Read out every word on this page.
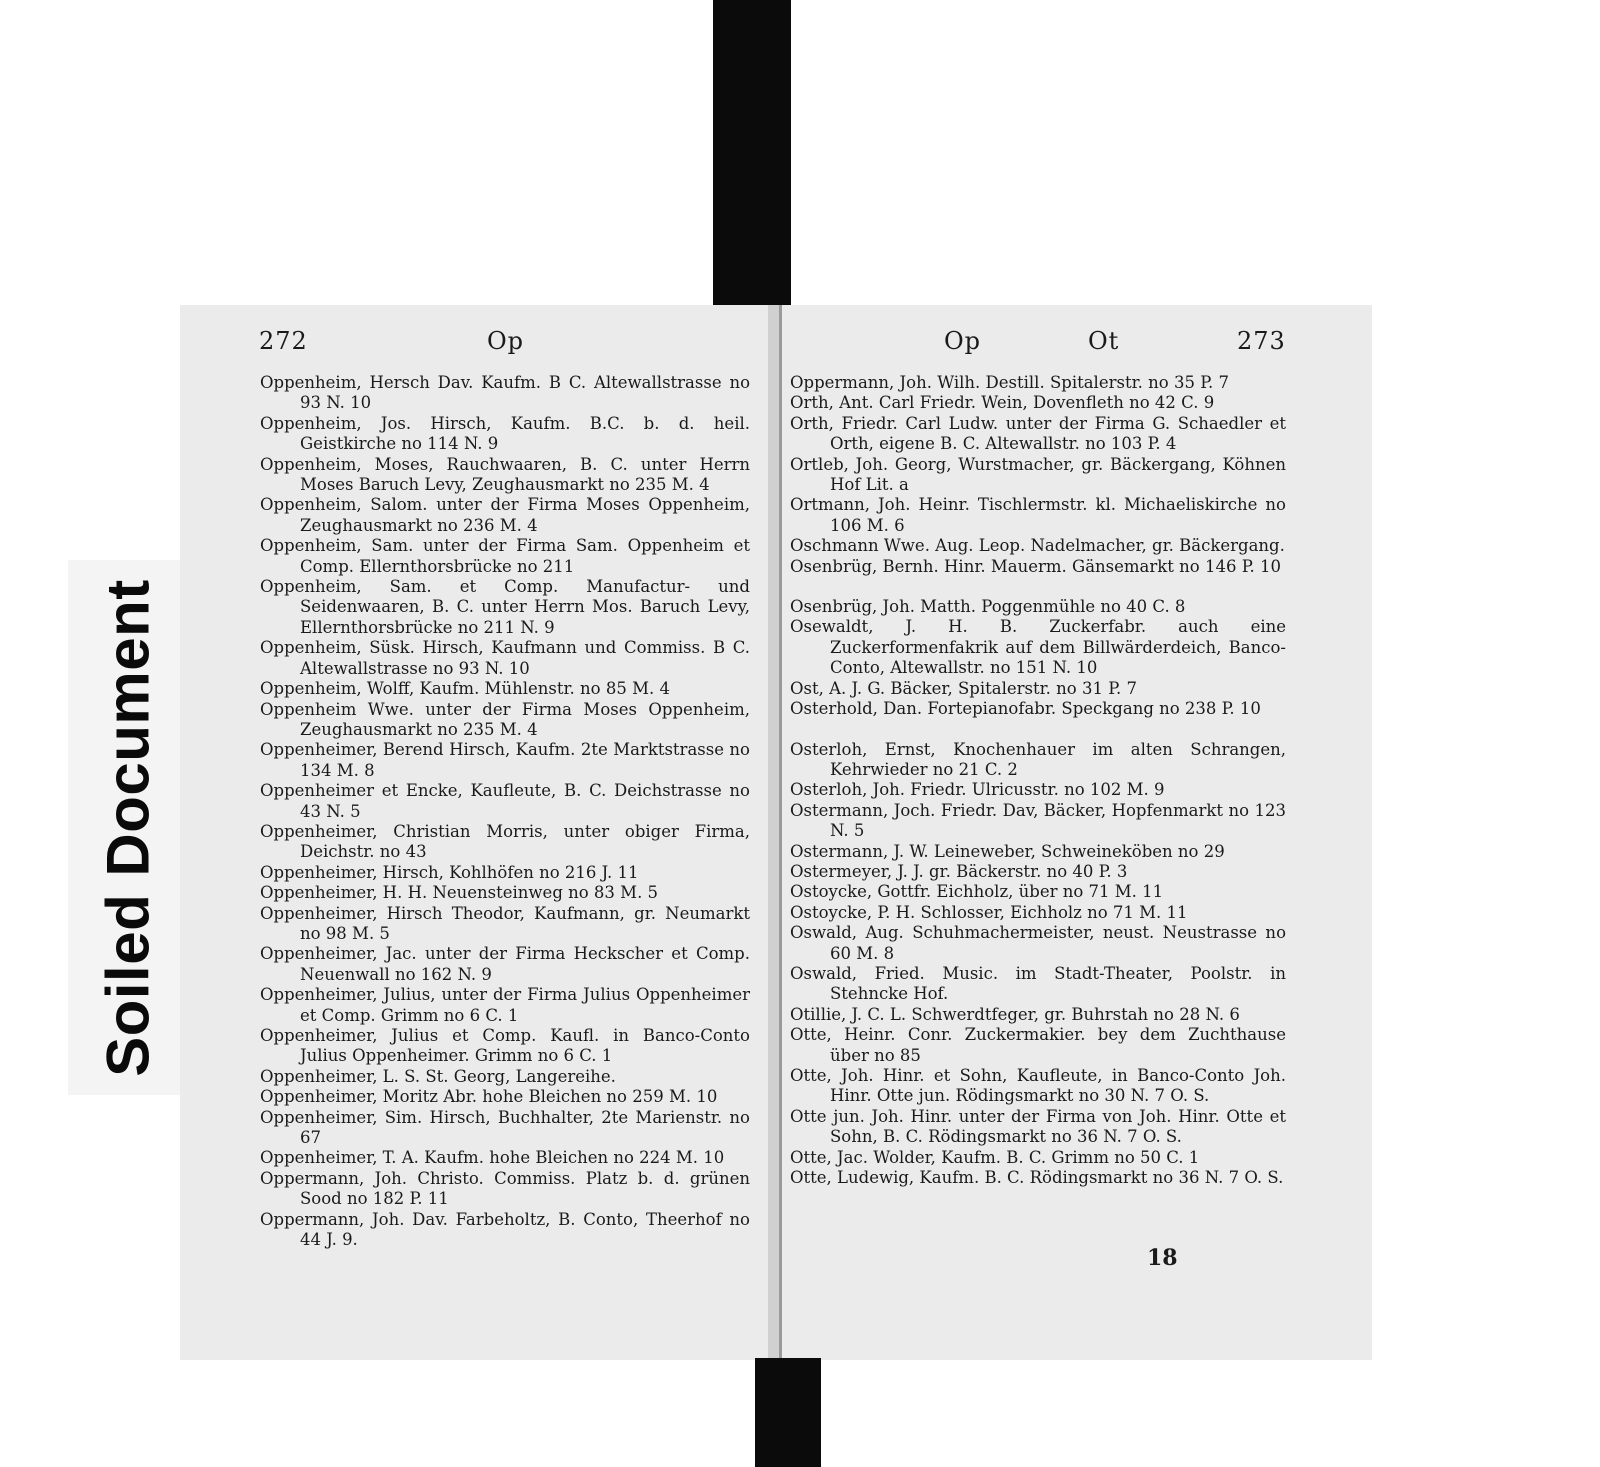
Soiled Document
272	Op

Oppenheim, Hersch Dav. Kaufm. B C. Altewallstrasse no 93 N. 10

Oppenheim, Jos. Hirsch, Kaufm. B.C. b. d. heil. Geistkirche no 114 N. 9

Oppenheim, Moses, Rauchwaaren, B. C. unter Herrn Moses Baruch Levy, Zeughausmarkt no 235 M. 4

Oppenheim, Salom. unter der Firma Moses Oppenheim, Zeughausmarkt no 236 M. 4

Oppenheim, Sam. unter der Firma Sam. Oppenheim et Comp. Ellernthorsbrücke no 211

Oppenheim, Sam. et Comp. Manufactur- und Seidenwaaren, B. C. unter Herrn Mos. Baruch Levy, Ellernthorsbrücke no 211 N. 9

Oppenheim, Süsk. Hirsch, Kaufmann und Commiss. B C. Altewallstrasse no 93 N. 10

Oppenheim, Wolff, Kaufm. Mühlenstr. no 85 M. 4

Oppenheim Wwe. unter der Firma Moses Oppenheim, Zeughausmarkt no 235 M. 4

Oppenheimer, Berend Hirsch, Kaufm. 2te Marktstrasse no 134 M. 8

Oppenheimer et Encke, Kaufleute, B. C. Deichstrasse no 43 N. 5

Oppenheimer, Christian Morris, unter obiger Firma, Deichstr. no 43

Oppenheimer, Hirsch, Kohlhöfen no 216 J. 11

Oppenheimer, H. H. Neuensteinweg no 83 M. 5

Oppenheimer, Hirsch Theodor, Kaufmann, gr. Neumarkt no 98 M. 5

Oppenheimer, Jac. unter der Firma Heckscher et Comp. Neuenwall no 162 N. 9

Oppenheimer, Julius, unter der Firma Julius Oppenheimer et Comp. Grimm no 6 C. 1

Oppenheimer, Julius et Comp. Kaufl. in Banco-Conto Julius Oppenheimer. Grimm no 6 C. 1

Oppenheimer, L. S. St. Georg, Langereihe.

Oppenheimer, Moritz Abr. hohe Bleichen no 259 M. 10

Oppenheimer, Sim. Hirsch, Buchhalter, 2te Marienstr. no 67

Oppenheimer, T. A. Kaufm. hohe Bleichen no 224 M. 10

Oppermann, Joh. Christo. Commiss. Platz b. d. grünen Sood no 182 P. 11

Oppermann, Joh. Dav. Farbeholtz, B. Conto, Theerhof no 44 J. 9.

Op	Ot	273

Oppermann, Joh. Wilh. Destill. Spitalerstr. no 35 P. 7

Orth, Ant. Carl Friedr. Wein, Dovenfleth no 42 C. 9

Orth, Friedr. Carl Ludw. unter der Firma G. Schaedler et Orth, eigene B. C. Altewallstr. no 103 P. 4

Ortleb, Joh. Georg, Wurstmacher, gr. Bäckergang, Köhnen Hof Lit. a

Ortmann, Joh. Heinr. Tischlermstr. kl. Michaeliskirche no 106 M. 6

Oschmann Wwe. Aug. Leop. Nadelmacher, gr. Bäckergang.

Osenbrüg, Bernh. Hinr. Mauerm. Gänsemarkt no 146 P. 10

Osenbrüg, Joh. Matth. Poggenmühle no 40 C. 8

Osewaldt, J. H. B. Zuckerfabr. auch eine Zuckerformenfakrik auf dem Billwärderdeich, Banco-Conto, Altewallstr. no 151 N. 10

Ost, A. J. G. Bäcker, Spitalerstr. no 31 P. 7

Osterhold, Dan. Fortepianofabr. Speckgang no 238 P. 10

Osterloh, Ernst, Knochenhauer im alten Schrangen, Kehrwieder no 21 C. 2

Osterloh, Joh. Friedr. Ulricusstr. no 102 M. 9

Ostermann, Joch. Friedr. Dav, Bäcker, Hopfenmarkt no 123 N. 5

Ostermann, J. W. Leineweber, Schweineköben no 29

Ostermeyer, J. J. gr. Bäckerstr. no 40 P. 3

Ostoycke, Gottfr. Eichholz, über no 71 M. 11

Ostoycke, P. H. Schlosser, Eichholz no 71 M. 11

Oswald, Aug. Schuhmachermeister, neust. Neustrasse no 60 M. 8

Oswald, Fried. Music. im Stadt-Theater, Poolstr. in Stehncke Hof.

Otillie, J. C. L. Schwerdtfeger, gr. Buhrstah no 28 N. 6

Otte, Heinr. Conr. Zuckermakier. bey dem Zuchthause über no 85

Otte, Joh. Hinr. et Sohn, Kaufleute, in Banco-Conto Joh. Hinr. Otte jun. Rödingsmarkt no 30 N. 7 O. S.

Otte jun. Joh. Hinr. unter der Firma von Joh. Hinr. Otte et Sohn, B. C. Rödingsmarkt no 36 N. 7 O. S.

Otte, Jac. Wolder, Kaufm. B. C. Grimm no 50 C. 1

Otte, Ludewig, Kaufm. B. C. Rödingsmarkt no 36 N. 7 O. S.

18
